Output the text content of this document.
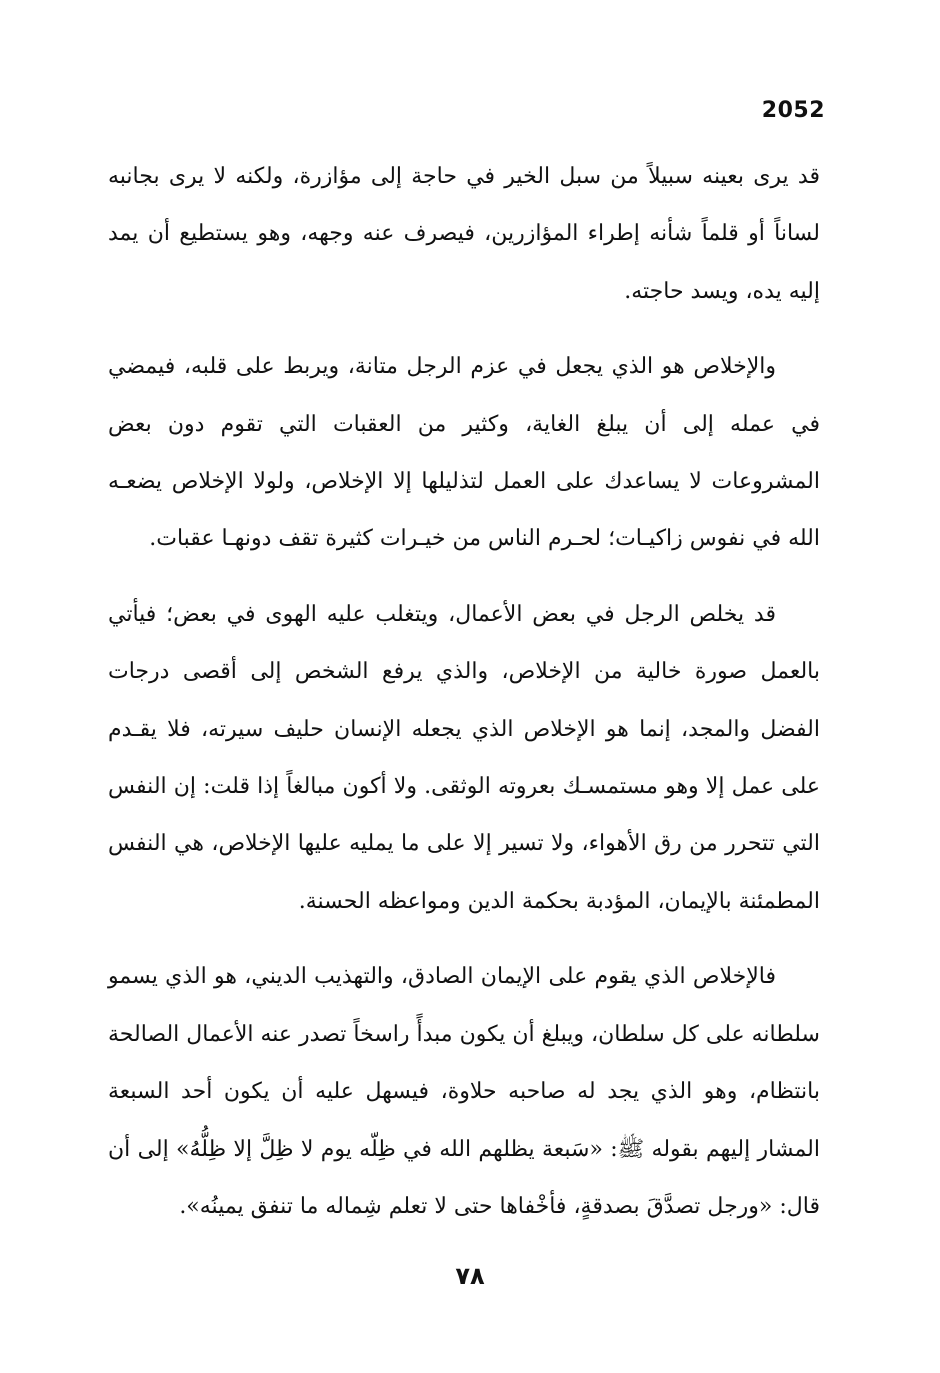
2052

قد يرى بعينه سبيلاً من سبل الخير في حاجة إلى مؤازرة، ولكنه لا يرى بجانبه لساناً أو قلماً شأنه إطراء المؤازرين، فيصرف عنه وجهه، وهو يستطيع أن يمد إليه يده، ويسد حاجته.

والإخلاص هو الذي يجعل في عزم الرجل متانة، ويربط على قلبه، فيمضي في عمله إلى أن يبلغ الغاية، وكثير من العقبات التي تقوم دون بعض المشروعات لا يساعدك على العمل لتذليلها إلا الإخلاص، ولولا الإخلاص يضعـه الله في نفوس زاكيـات؛ لحـرم الناس من خيـرات كثيرة تقف دونهـا عقبات.

قد يخلص الرجل في بعض الأعمال، ويتغلب عليه الهوى في بعض؛ فيأتي بالعمل صورة خالية من الإخلاص، والذي يرفع الشخص إلى أقصى درجات الفضل والمجد، إنما هو الإخلاص الذي يجعله الإنسان حليف سيرته، فلا يقـدم على عمل إلا وهو مستمسـك بعروته الوثقى. ولا أكون مبالغاً إذا قلت: إن النفس التي تتحرر من رق الأهواء، ولا تسير إلا على ما يمليه عليها الإخلاص، هي النفس المطمئنة بالإيمان، المؤدبة بحكمة الدين ومواعظه الحسنة.

فالإخلاص الذي يقوم على الإيمان الصادق، والتهذيب الديني، هو الذي يسمو سلطانه على كل سلطان، ويبلغ أن يكون مبدأً راسخاً تصدر عنه الأعمال الصالحة بانتظام، وهو الذي يجد له صاحبه حلاوة، فيسهل عليه أن يكون أحد السبعة المشار إليهم بقوله ﷺ: «سَبعة يظلهم الله في ظِلّه يوم لا ظِلَّ إلا ظِلُّهُ» إلى أن قال: «ورجل تصدَّقَ بصدقةٍ، فأخْفاها حتى لا تعلم شِماله ما تنفق يمينُه».

٧٨
